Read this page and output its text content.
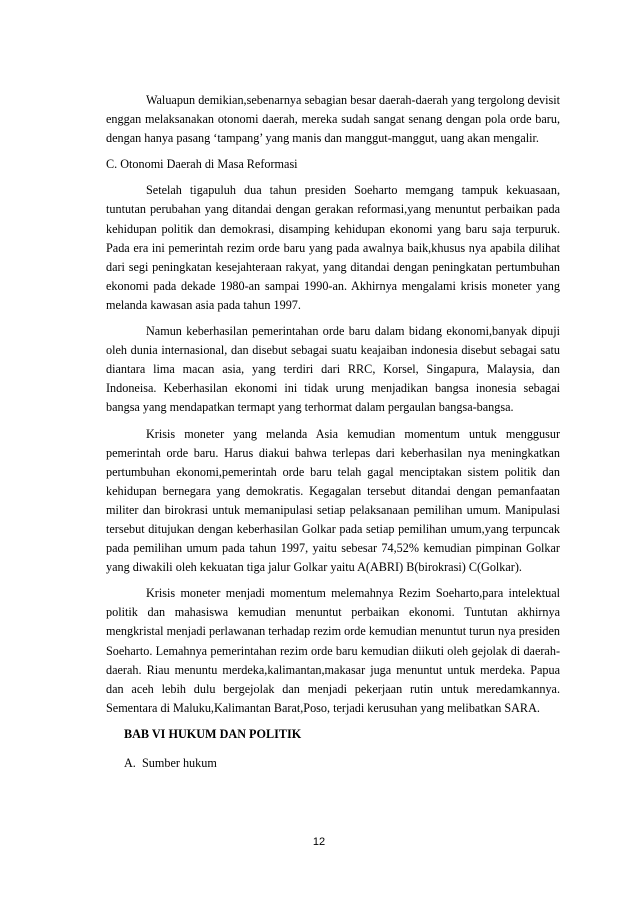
Waluapun demikian,sebenarnya sebagian besar daerah-daerah yang tergolong devisit enggan melaksanakan otonomi daerah, mereka sudah sangat senang dengan pola orde baru, dengan hanya pasang ‘tampang’ yang manis dan manggut-manggut, uang akan mengalir.

C. Otonomi Daerah di Masa Reformasi

Setelah tigapuluh dua tahun presiden Soeharto memgang tampuk kekuasaan, tuntutan perubahan yang ditandai dengan gerakan reformasi,yang menuntut perbaikan pada kehidupan politik dan demokrasi, disamping kehidupan ekonomi yang baru saja terpuruk. Pada era ini pemerintah rezim orde baru yang pada awalnya baik,khusus nya apabila dilihat dari segi peningkatan kesejahteraan rakyat, yang ditandai dengan peningkatan pertumbuhan ekonomi pada dekade 1980-an sampai 1990-an. Akhirnya mengalami krisis moneter yang melanda kawasan asia pada tahun 1997.

Namun keberhasilan pemerintahan orde baru dalam bidang ekonomi,banyak dipuji oleh dunia internasional, dan disebut sebagai suatu keajaiban indonesia disebut sebagai satu diantara lima macan asia, yang terdiri dari RRC, Korsel, Singapura, Malaysia, dan Indoneisa. Keberhasilan ekonomi ini tidak urung menjadikan bangsa inonesia sebagai bangsa yang mendapatkan termapt yang terhormat dalam pergaulan bangsa-bangsa.

Krisis moneter yang melanda Asia kemudian momentum untuk menggusur pemerintah orde baru. Harus diakui bahwa terlepas dari keberhasilan nya meningkatkan pertumbuhan ekonomi,pemerintah orde baru telah gagal menciptakan sistem politik dan kehidupan bernegara yang demokratis. Kegagalan tersebut ditandai dengan pemanfaatan militer dan birokrasi untuk memanipulasi setiap pelaksanaan pemilihan umum. Manipulasi tersebut ditujukan dengan keberhasilan Golkar pada setiap pemilihan umum,yang terpuncak pada pemilihan umum pada tahun 1997, yaitu sebesar 74,52% kemudian pimpinan Golkar yang diwakili oleh kekuatan tiga jalur Golkar yaitu A(ABRI) B(birokrasi) C(Golkar).

Krisis moneter menjadi momentum melemahnya Rezim Soeharto,para intelektual politik dan mahasiswa kemudian menuntut perbaikan ekonomi. Tuntutan akhirnya mengkristal menjadi perlawanan terhadap rezim orde kemudian menuntut turun nya presiden Soeharto. Lemahnya pemerintahan rezim orde baru kemudian diikuti oleh gejolak di daerah-daerah. Riau menuntu merdeka,kalimantan,makasar juga menuntut untuk merdeka. Papua dan aceh lebih dulu bergejolak dan menjadi pekerjaan rutin untuk meredamkannya. Sementara di Maluku,Kalimantan Barat,Poso, terjadi kerusuhan yang melibatkan SARA.

BAB VI HUKUM DAN POLITIK

A. Sumber hukum

12
